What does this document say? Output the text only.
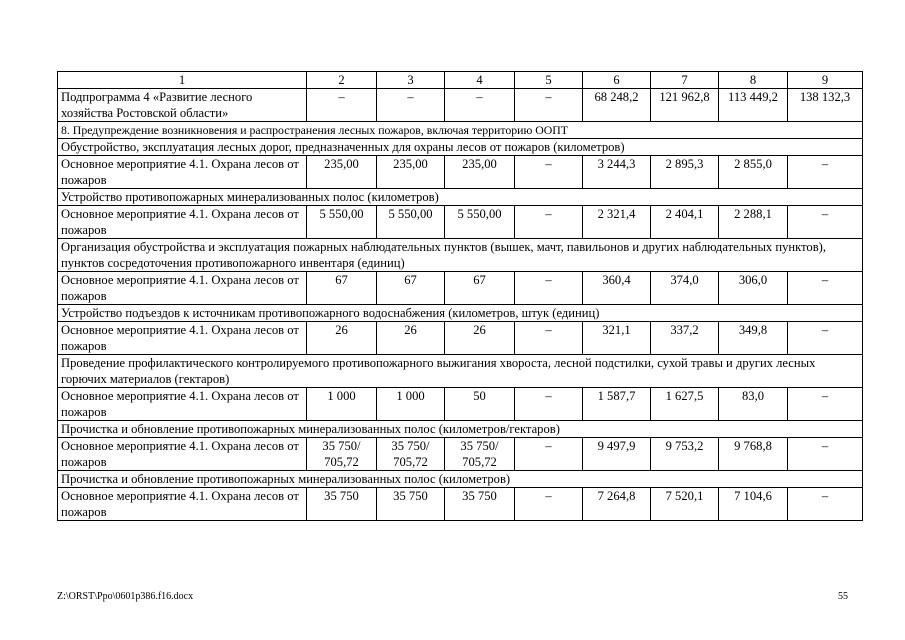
1	2	3	4	5	6	7	8	9
Подпрограмма 4 «Развитие лесного хозяйства Ростовской области»	–	–	–	–	68 248,2	121 962,8	113 449,2	138 132,3
8. Предупреждение возникновения и распространения лесных пожаров, включая территорию ООПТ								
Обустройство, эксплуатация лесных дорог, предназначенных для охраны лесов от пожаров (километров)								
Основное мероприятие 4.1. Охрана лесов от пожаров	235,00	235,00	235,00	–	3 244,3	2 895,3	2 855,0	–
Устройство противопожарных минерализованных полос (километров)								
Основное мероприятие 4.1. Охрана лесов от пожаров	5 550,00	5 550,00	5 550,00	–	2 321,4	2 404,1	2 288,1	–
Организация обустройства и эксплуатация пожарных наблюдательных пунктов (вышек, мачт, павильонов и других наблюдательных пунктов), пунктов сосредоточения противопожарного инвентаря (единиц)								
Основное мероприятие 4.1. Охрана лесов от пожаров	67	67	67	–	360,4	374,0	306,0	–
Устройство подъездов к источникам противопожарного водоснабжения (километров, штук (единиц)								
Основное мероприятие 4.1. Охрана лесов от пожаров	26	26	26	–	321,1	337,2	349,8	–
Проведение профилактического контролируемого противопожарного выжигания хвороста, лесной подстилки, сухой травы и других лесных горючих материалов (гектаров)								
Основное мероприятие 4.1. Охрана лесов от пожаров	1 000	1 000	50	–	1 587,7	1 627,5	83,0	–
Прочистка и обновление противопожарных минерализованных полос (километров/гектаров)								
Основное мероприятие 4.1. Охрана лесов от пожаров	35 750/ 705,72	35 750/ 705,72	35 750/ 705,72	–	9 497,9	9 753,2	9 768,8	–
Прочистка и обновление противопожарных минерализованных полос (километров)								
Основное мероприятие 4.1. Охрана лесов от пожаров	35 750	35 750	35 750	–	7 264,8	7 520,1	7 104,6	–
Z:\ORST\Ppo\0601p386.f16.docx	55
